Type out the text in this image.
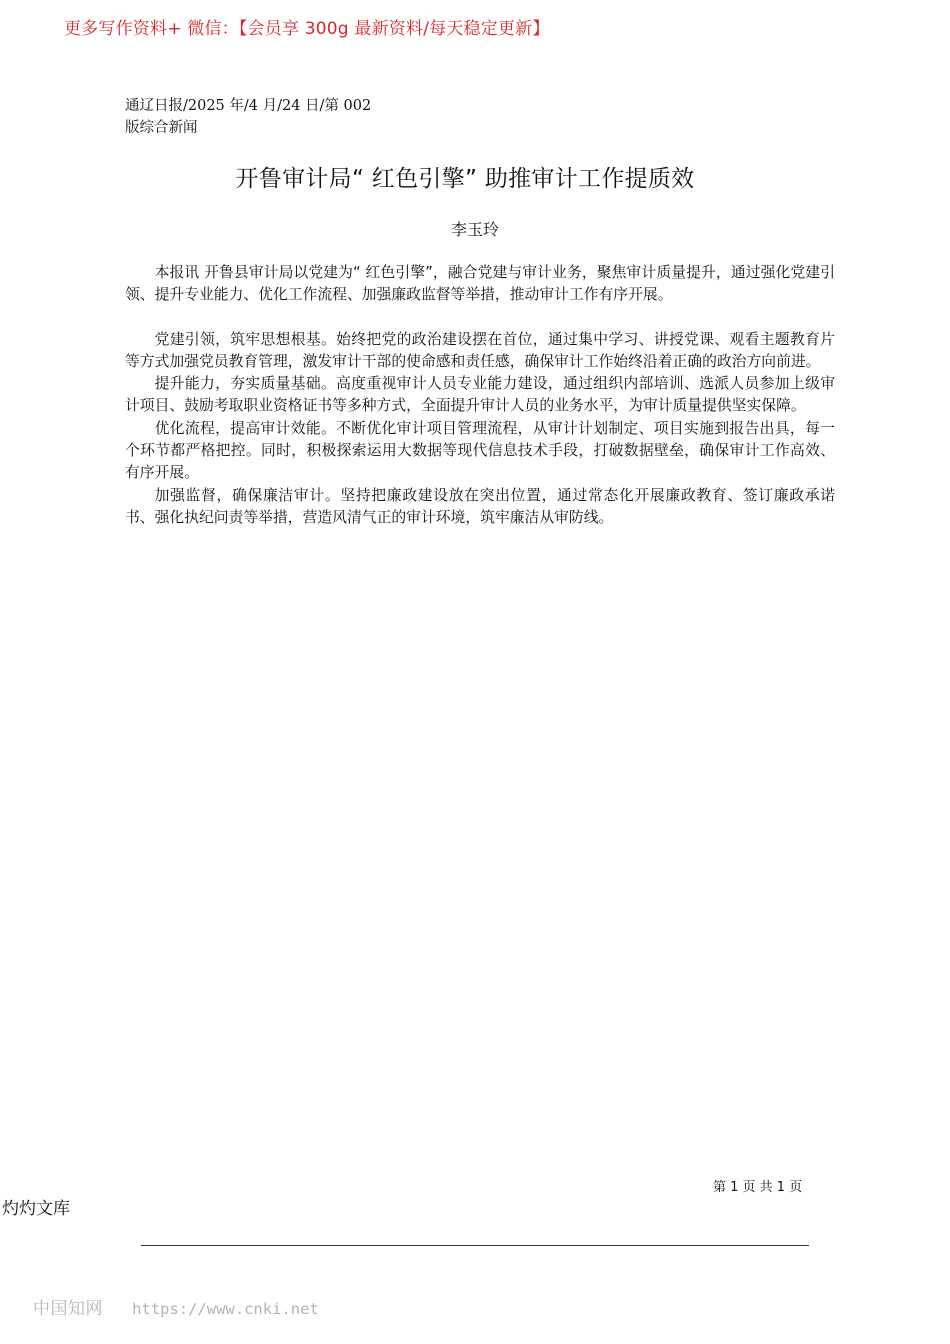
更多写作资料+ 微信：【会员享 300g 最新资料/每天稳定更新】
通辽日报/2025 年/4 月/24 日/第 002 版综合新闻
开鲁审计局“ 红色引擎” 助推审计工作提质效
李玉玲

本报讯 开鲁县审计局以党建为“ 红色引擎”，融合党建与审计业务，聚焦审计质量提升，通过强化党建引领、提升专业能力、优化工作流程、加强廉政监督等举措，推动审计工作有序开展。

党建引领，筑牢思想根基。始终把党的政治建设摆在首位，通过集中学习、讲授党课、观看主题教育片等方式加强党员教育管理，激发审计干部的使命感和责任感，确保审计工作始终沿着正确的政治方向前进。

提升能力，夯实质量基础。高度重视审计人员专业能力建设，通过组织内部培训、选派人员参加上级审计项目、鼓励考取职业资格证书等多种方式，全面提升审计人员的业务水平，为审计质量提供坚实保障。

优化流程，提高审计效能。不断优化审计项目管理流程，从审计计划制定、项目实施到报告出具，每一个环节都严格把控。同时，积极探索运用大数据等现代信息技术手段，打破数据壁垒，确保审计工作高效、有序开展。

加强监督，确保廉洁审计。坚持把廉政建设放在突出位置，通过常态化开展廉政教育、签订廉政承诺书、强化执纪问责等举措，营造风清气正的审计环境，筑牢廉洁从审防线。

第 1 页 共 1 页
灼灼文库
中国知网 https://www.cnki.net
